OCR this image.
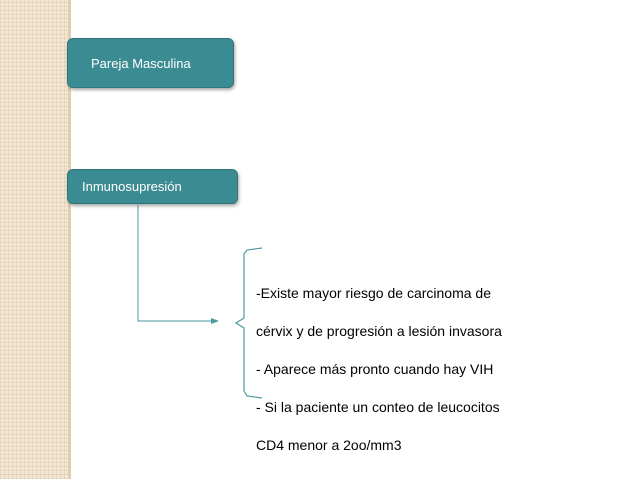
Pareja Masculina
Inmunosupresión

-Existe mayor riesgo de carcinoma de

cérvix y de progresión a lesión invasora

- Aparece más pronto cuando hay VIH

- Si la paciente un conteo de leucocitos

CD4 menor a 2oo/mm3
